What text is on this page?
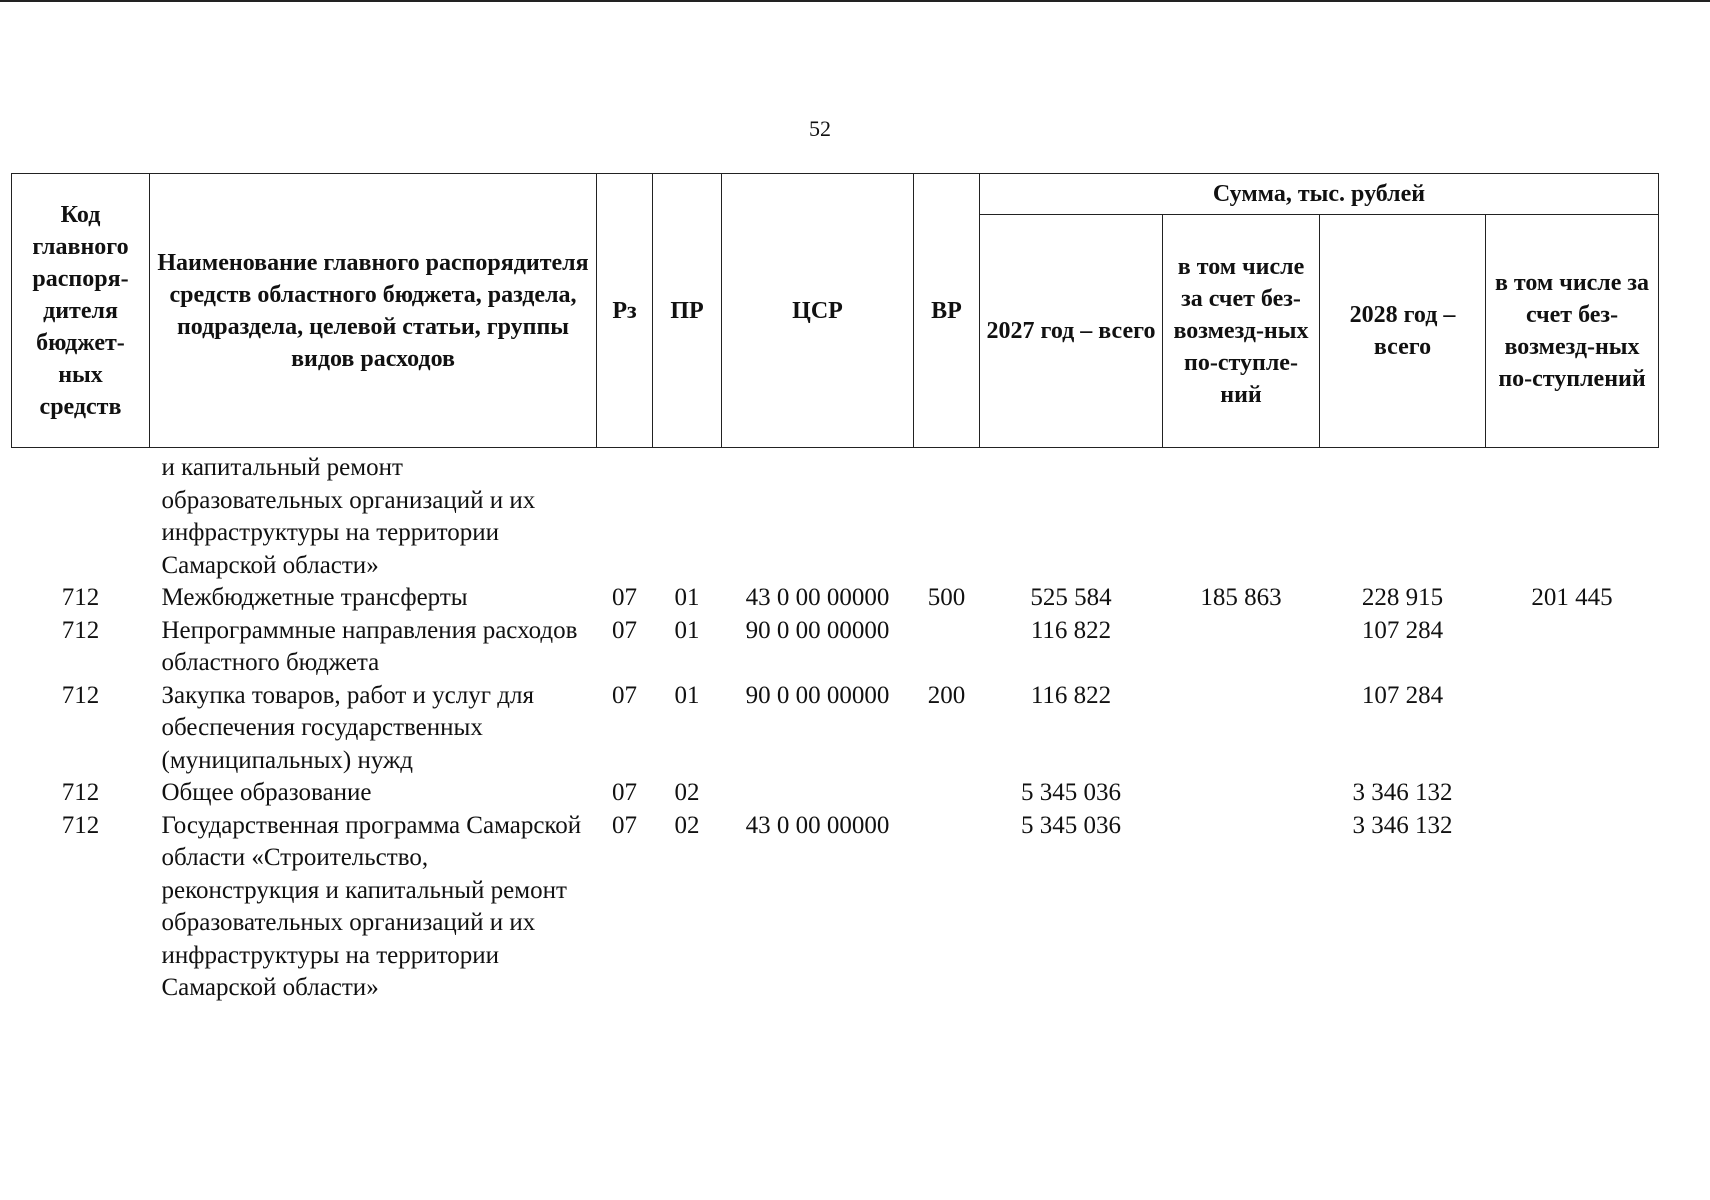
52
Код главного распоря-дителя бюджет-ных средств	Наименование главного распорядителя средств областного бюджета, раздела, подраздела, целевой статьи, группы видов расходов	Рз	ПР	ЦСР	ВР	Сумма, тыс. рублей			
						2027 год – всего	в том числе за счет без-возмезд-ных по-ступле-ний	2028 год – всего	в том числе за счет без-возмезд-ных по-ступлений
	и капитальный ремонт образовательных организаций и их инфраструктуры на территории Самарской области»								
712	Межбюджетные трансферты	07	01	43 0 00 00000	500	525 584	185 863	228 915	201 445
712	Непрограммные направления расходов областного бюджета	07	01	90 0 00 00000		116 822		107 284	
712	Закупка товаров, работ и услуг для обеспечения государственных (муниципальных) нужд	07	01	90 0 00 00000	200	116 822		107 284	
712	Общее образование	07	02			5 345 036		3 346 132	
712	Государственная программа Самарской области «Строительство, реконструкция и капитальный ремонт образовательных организаций и их инфраструктуры на территории Самарской области»	07	02	43 0 00 00000		5 345 036		3 346 132	
